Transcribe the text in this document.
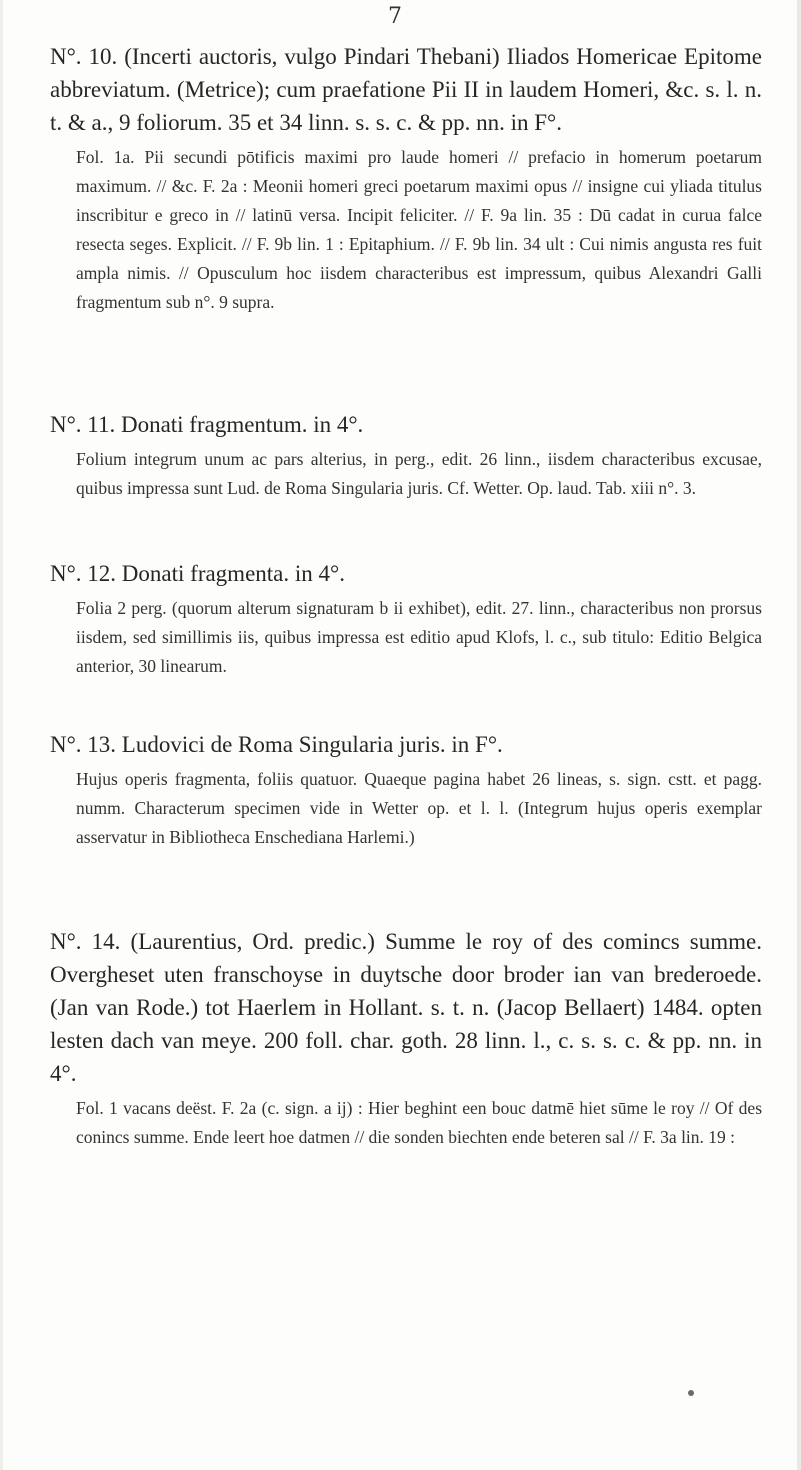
7

N°. 10. (Incerti auctoris, vulgo Pindari Thebani) Iliados Homericae Epitome abbreviatum. (Metrice); cum praefatione Pii II in laudem Homeri, &c. s. l. n. t. & a., 9 foliorum. 35 et 34 linn. s. s. c. & pp. nn. in F°.

Fol. 1a. Pii secundi pōtificis maximi pro laude homeri // prefacio in homerum poetarum maximum. // &c. F. 2a : Meonii homeri greci poetarum maximi opus // insigne cui yliada titulus inscribitur e greco in // latinū versa. Incipit feliciter. // F. 9a lin. 35 : Dū cadat in curua falce resecta seges. Explicit. // F. 9b lin. 1 : Epitaphium. // F. 9b lin. 34 ult : Cui nimis angusta res fuit ampla nimis. // Opusculum hoc iisdem characteribus est impressum, quibus Alexandri Galli fragmentum sub n°. 9 supra.

N°. 11. Donati fragmentum. in 4°.

Folium integrum unum ac pars alterius, in perg., edit. 26 linn., iisdem characteribus excusae, quibus impressa sunt Lud. de Roma Singularia juris. Cf. Wetter. Op. laud. Tab. xiii n°. 3.

N°. 12. Donati fragmenta. in 4°.

Folia 2 perg. (quorum alterum signaturam b ii exhibet), edit. 27. linn., characteribus non prorsus iisdem, sed simillimis iis, quibus impressa est editio apud Klofs, l. c., sub titulo: Editio Belgica anterior, 30 linearum.

N°. 13. Ludovici de Roma Singularia juris. in F°.

Hujus operis fragmenta, foliis quatuor. Quaeque pagina habet 26 lineas, s. sign. cstt. et pagg. numm. Characterum specimen vide in Wetter op. et l. l. (Integrum hujus operis exemplar asservatur in Bibliotheca Enschediana Harlemi.)

N°. 14. (Laurentius, Ord. predic.) Summe le roy of des comincs summe. Overgheset uten franschoyse in duytsche door broder ian van brederoede. (Jan van Rode.) tot Haerlem in Hollant. s. t. n. (Jacop Bellaert) 1484. opten lesten dach van meye. 200 foll. char. goth. 28 linn. l., c. s. s. c. & pp. nn. in 4°.

Fol. 1 vacans deëst. F. 2a (c. sign. a ij) : Hier beghint een bouc datmē hiet sūme le roy // Of des conincs summe. Ende leert hoe datmen // die sonden biechten ende beteren sal // F. 3a lin. 19 :
